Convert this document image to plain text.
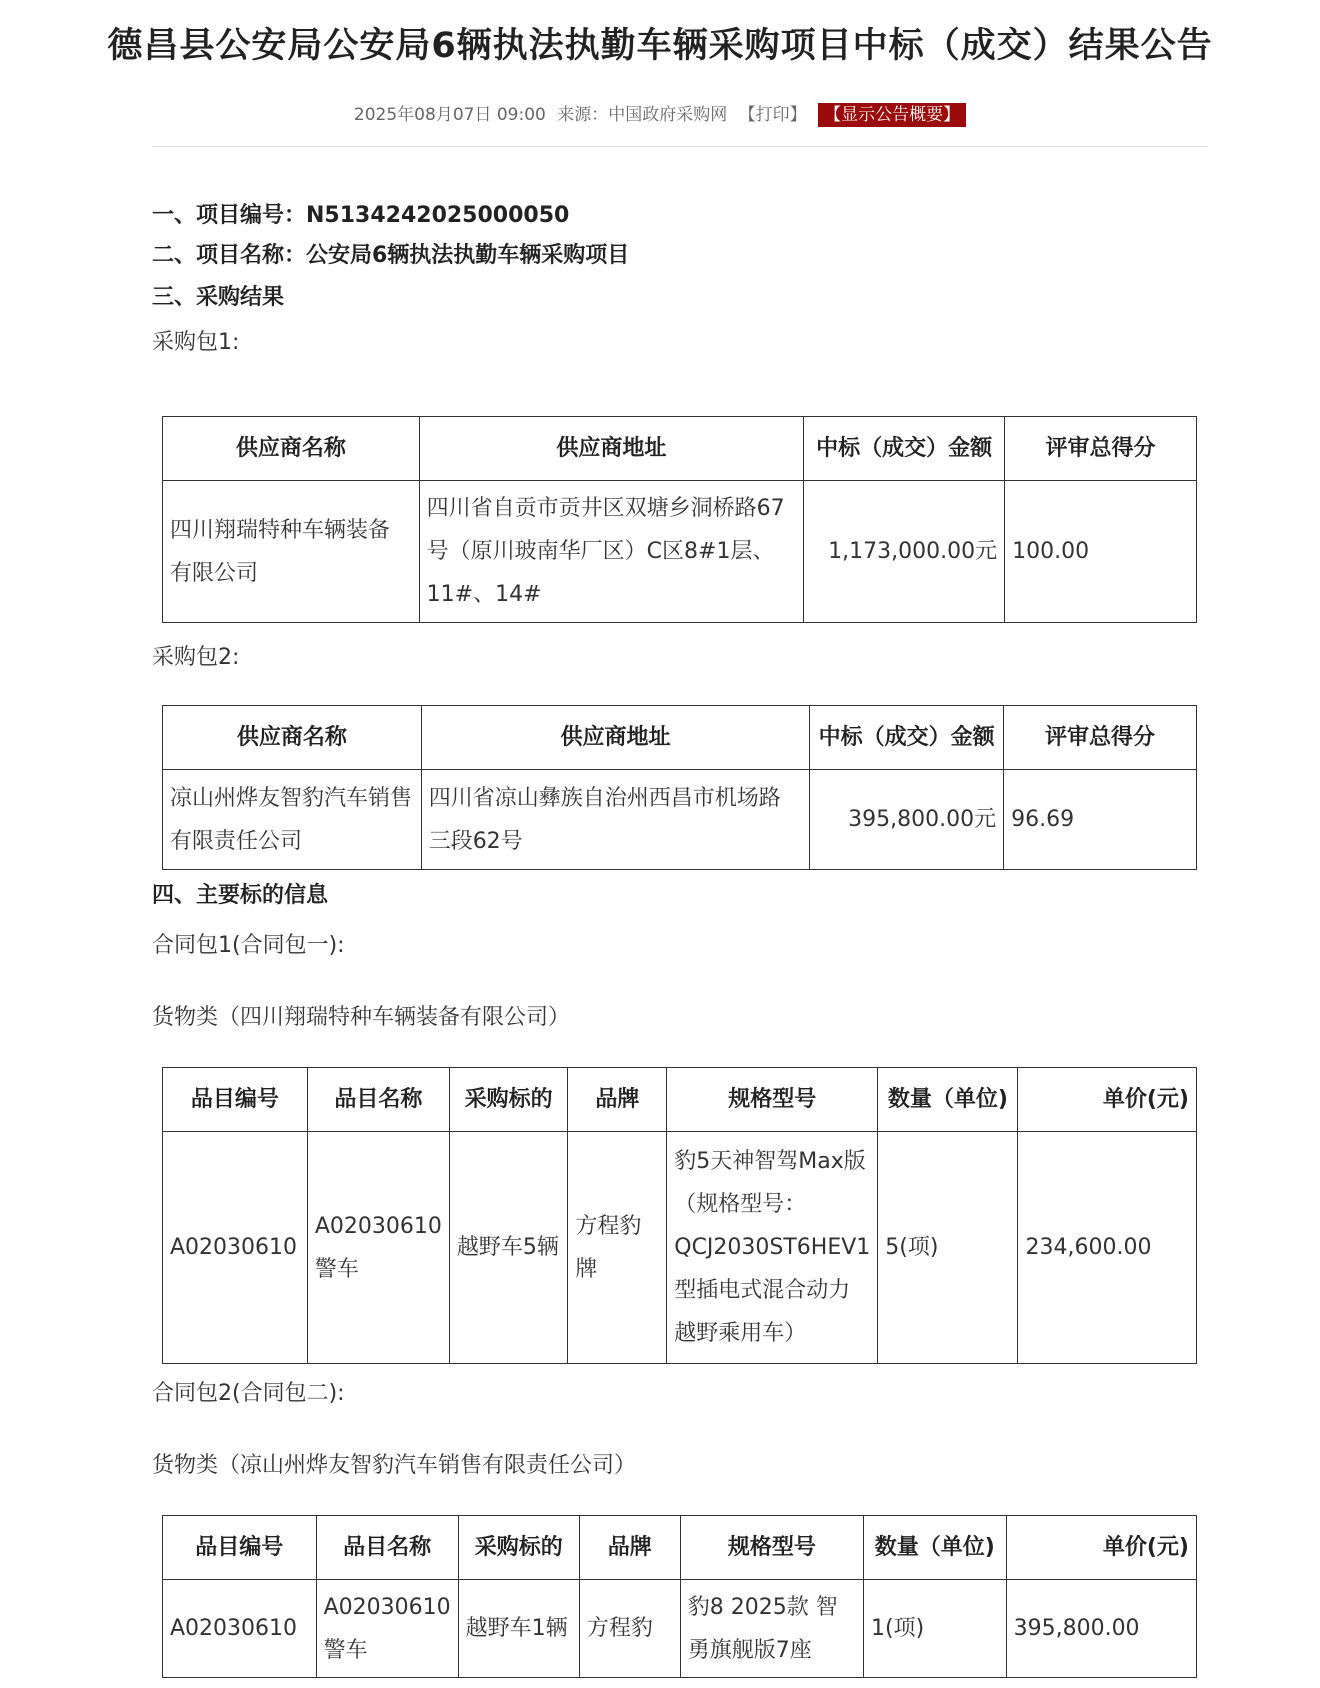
德昌县公安局公安局6辆执法执勤车辆采购项目中标（成交）结果公告
2025年08月07日 09:00 来源：中国政府采购网 【打印】 【显示公告概要】
一、项目编号：N5134242025000050
二、项目名称：公安局6辆执法执勤车辆采购项目
三、采购结果
采购包1:
供应商名称	供应商地址	中标（成交）金额	评审总得分
四川翔瑞特种车辆装备有限公司	四川省自贡市贡井区双塘乡洞桥路67号（原川玻南华厂区）C区8#1层、11#、14#	1,173,000.00元	100.00
采购包2:
供应商名称	供应商地址	中标（成交）金额	评审总得分
凉山州烨友智豹汽车销售有限责任公司	四川省凉山彝族自治州西昌市机场路三段62号	395,800.00元	96.69
四、主要标的信息
合同包1(合同包一):
货物类（四川翔瑞特种车辆装备有限公司）
品目编号	品目名称	采购标的	品牌	规格型号	数量（单位)	单价(元)
A02030610	A02030610警车	越野车5辆	方程豹牌	豹5天神智驾Max版（规格型号：QCJ2030ST6HEV1型插电式混合动力越野乘用车）	5(项)	234,600.00
合同包2(合同包二):
货物类（凉山州烨友智豹汽车销售有限责任公司）
品目编号	品目名称	采购标的	品牌	规格型号	数量（单位)	单价(元)
A02030610	A02030610警车	越野车1辆	方程豹	豹8 2025款 智勇旗舰版7座	1(项)	395,800.00
